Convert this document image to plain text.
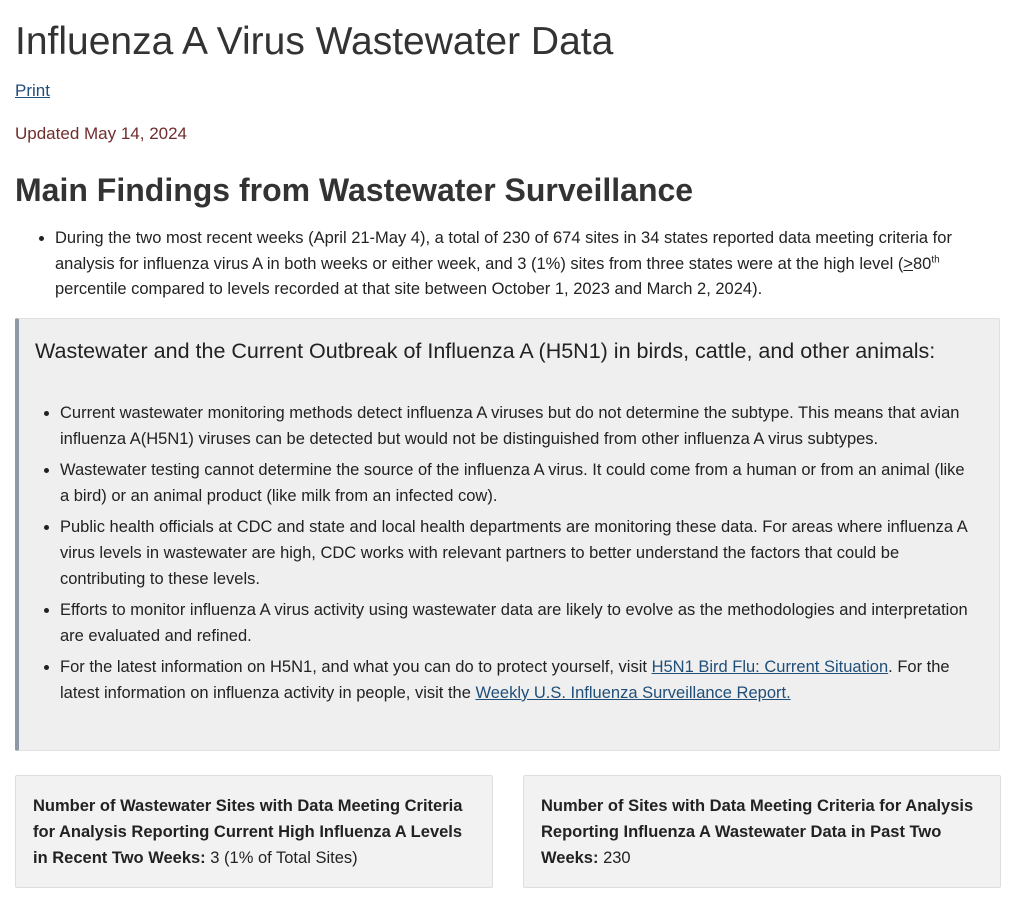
Influenza A Virus Wastewater Data
Print
Updated May 14, 2024
Main Findings from Wastewater Surveillance
• During the two most recent weeks (April 21-May 4), a total of 230 of 674 sites in 34 states reported data meeting criteria for analysis for influenza virus A in both weeks or either week, and 3 (1%) sites from three states were at the high level (≥80th percentile compared to levels recorded at that site between October 1, 2023 and March 2, 2024).
Wastewater and the Current Outbreak of Influenza A (H5N1) in birds, cattle, and other animals:
• Current wastewater monitoring methods detect influenza A viruses but do not determine the subtype. This means that avian influenza A(H5N1) viruses can be detected but would not be distinguished from other influenza A virus subtypes.
• Wastewater testing cannot determine the source of the influenza A virus. It could come from a human or from an animal (like a bird) or an animal product (like milk from an infected cow).
• Public health officials at CDC and state and local health departments are monitoring these data. For areas where influenza A virus levels in wastewater are high, CDC works with relevant partners to better understand the factors that could be contributing to these levels.
• Efforts to monitor influenza A virus activity using wastewater data are likely to evolve as the methodologies and interpretation are evaluated and refined.
• For the latest information on H5N1, and what you can do to protect yourself, visit H5N1 Bird Flu: Current Situation. For the latest information on influenza activity in people, visit the Weekly U.S. Influenza Surveillance Report.
Number of Wastewater Sites with Data Meeting Criteria for Analysis Reporting Current High Influenza A Levels in Recent Two Weeks: 3 (1% of Total Sites)
Number of Sites with Data Meeting Criteria for Analysis Reporting Influenza A Wastewater Data in Past Two Weeks: 230
